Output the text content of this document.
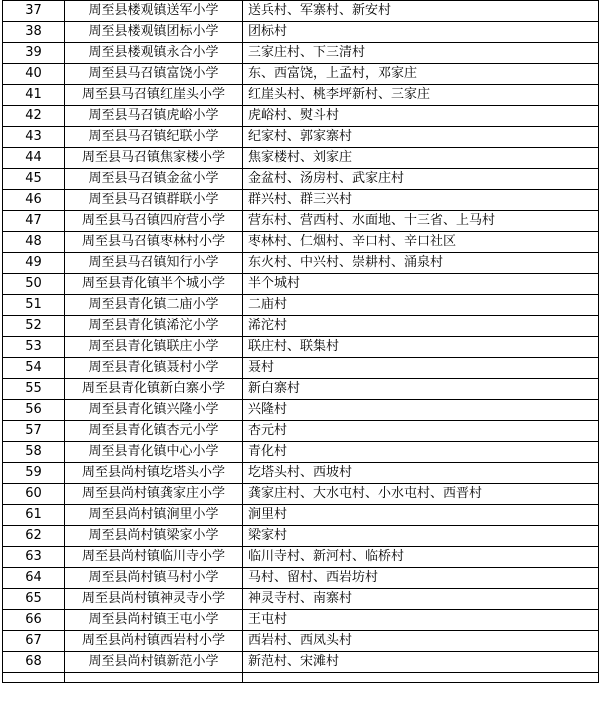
37	周至县楼观镇送军小学	送兵村、军寨村、新安村
38	周至县楼观镇团标小学	团标村
39	周至县楼观镇永合小学	三家庄村、下三清村
40	周至县马召镇富饶小学	东、西富饶，上孟村，邓家庄
41	周至县马召镇红崖头小学	红崖头村、桃李坪新村、三家庄
42	周至县马召镇虎峪小学	虎峪村、熨斗村
43	周至县马召镇纪联小学	纪家村、郭家寨村
44	周至县马召镇焦家楼小学	焦家楼村、刘家庄
45	周至县马召镇金盆小学	金盆村、汤房村、武家庄村
46	周至县马召镇群联小学	群兴村、群三兴村
47	周至县马召镇四府营小学	营东村、营西村、水面地、十三省、上马村
48	周至县马召镇枣林村小学	枣林村、仁烟村、辛口村、辛口社区
49	周至县马召镇知行小学	东火村、中兴村、崇耕村、涌泉村
50	周至县青化镇半个城小学	半个城村
51	周至县青化镇二庙小学	二庙村
52	周至县青化镇浠沱小学	浠沱村
53	周至县青化镇联庄小学	联庄村、联集村
54	周至县青化镇聂村小学	聂村
55	周至县青化镇新白寨小学	新白寨村
56	周至县青化镇兴隆小学	兴隆村
57	周至县青化镇杏元小学	杏元村
58	周至县青化镇中心小学	青化村
59	周至县尚村镇圪塔头小学	圪塔头村、西坡村
60	周至县尚村镇龚家庄小学	龚家庄村、大水屯村、小水屯村、西晋村
61	周至县尚村镇涧里小学	涧里村
62	周至县尚村镇梁家小学	梁家村
63	周至县尚村镇临川寺小学	临川寺村、新河村、临桥村
64	周至县尚村镇马村小学	马村、留村、西岩坊村
65	周至县尚村镇神灵寺小学	神灵寺村、南寨村
66	周至县尚村镇王屯小学	王屯村
67	周至县尚村镇西岩村小学	西岩村、西凤头村
68	周至县尚村镇新范小学	新范村、宋滩村
